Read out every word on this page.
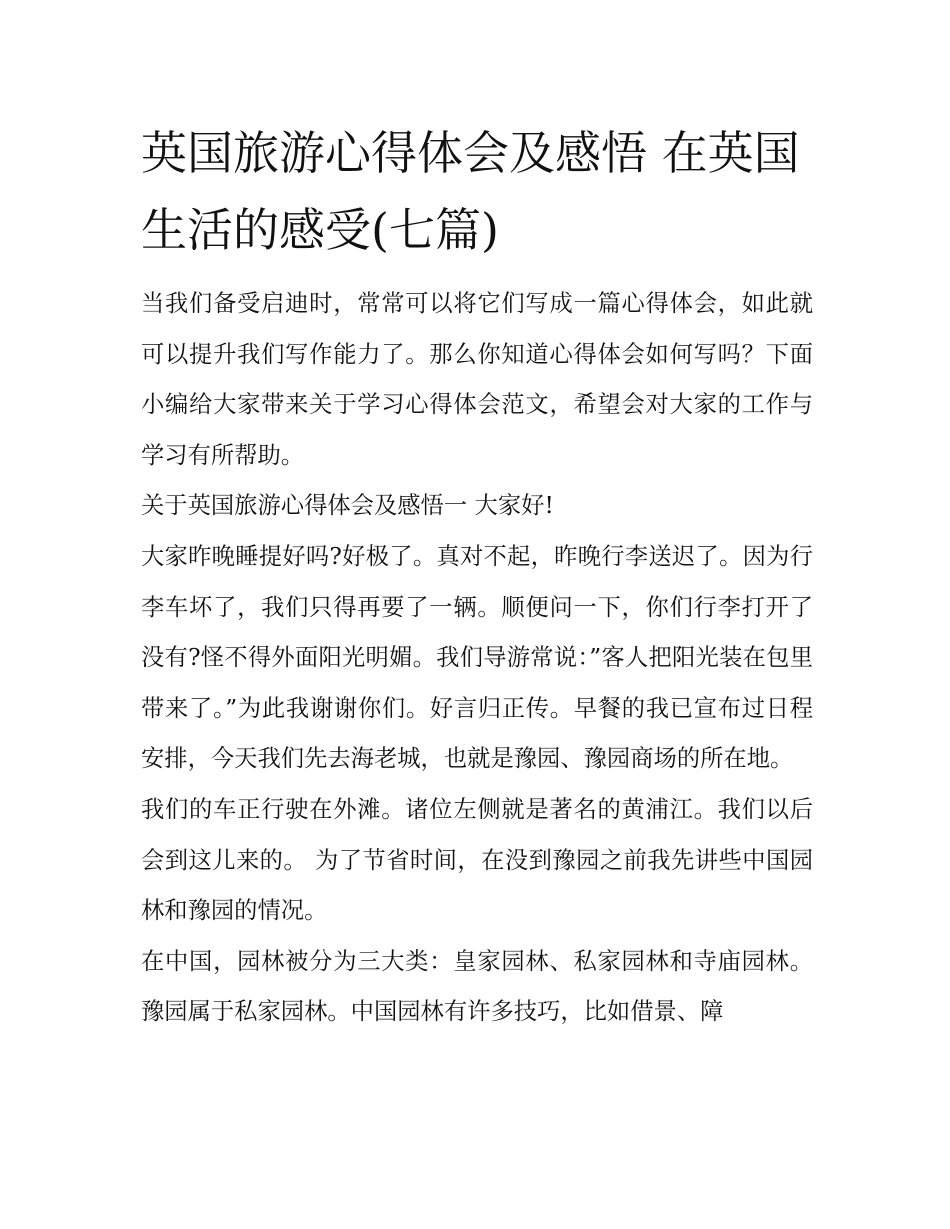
英国旅游心得体会及感悟 在英国生活的感受(七篇)

当我们备受启迪时，常常可以将它们写成一篇心得体会，如此就可以提升我们写作能力了。那么你知道心得体会如何写吗？下面小编给大家带来关于学习心得体会范文，希望会对大家的工作与学习有所帮助。

关于英国旅游心得体会及感悟一 大家好!

大家昨晚睡提好吗?好极了。真对不起，昨晚行李送迟了。因为行李车坏了，我们只得再要了一辆。顺便问一下，你们行李打开了没有?怪不得外面阳光明媚。我们导游常说：”客人把阳光装在包里带来了。”为此我谢谢你们。好言归正传。早餐的我已宣布过日程安排，今天我们先去海老城，也就是豫园、豫园商场的所在地。

我们的车正行驶在外滩。诸位左侧就是著名的黄浦江。我们以后会到这儿来的。 为了节省时间，在没到豫园之前我先讲些中国园林和豫园的情况。

在中国，园林被分为三大类：皇家园林、私家园林和寺庙园林。豫园属于私家园林。中国园林有许多技巧，比如借景、障
